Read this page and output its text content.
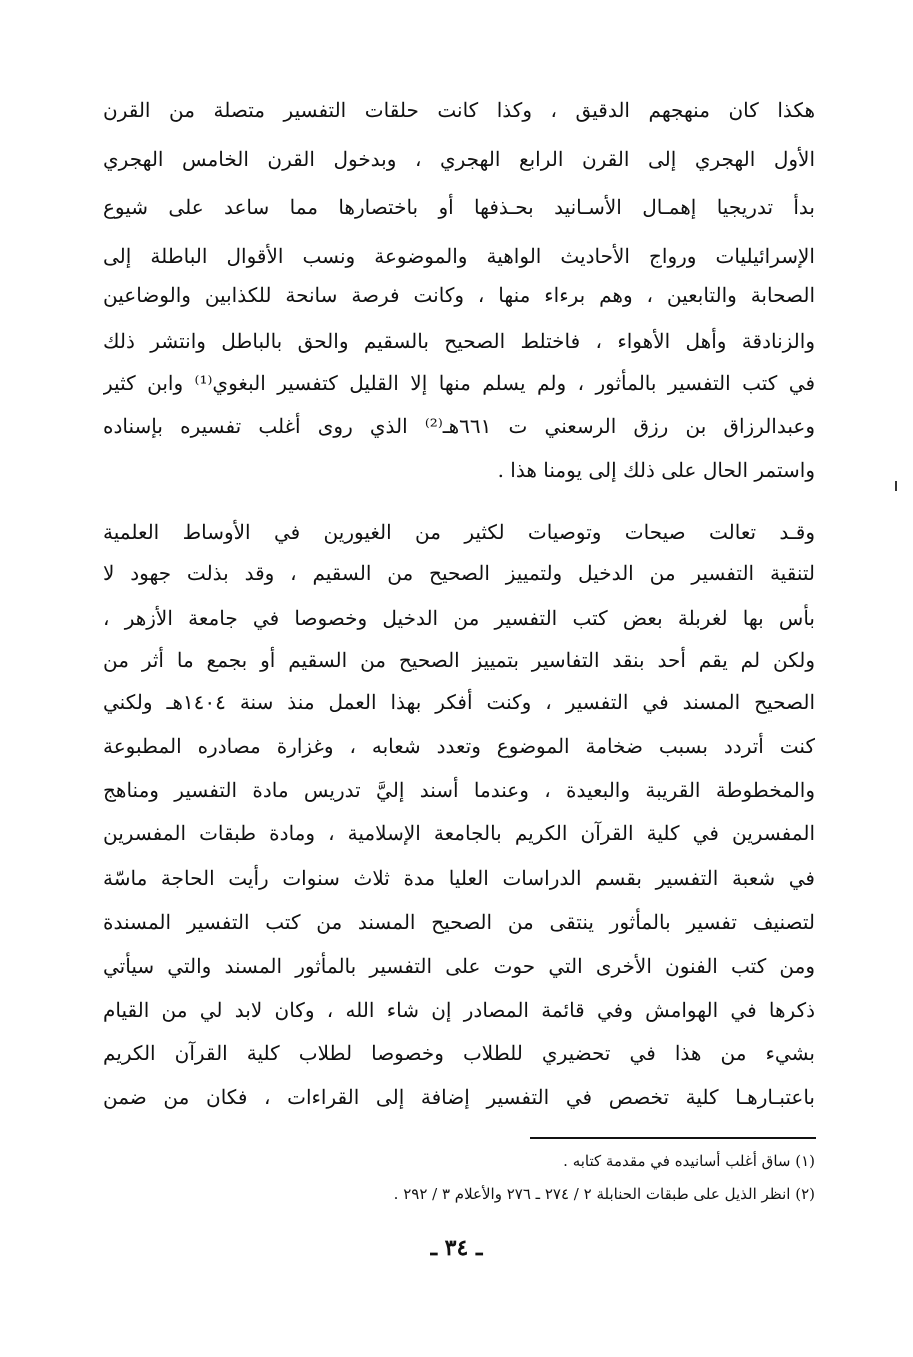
هكذا كان منهجهم الدقيق ، وكذا كانت حلقات التفسير متصلة من القرن
الأول الهجري إلى القرن الرابع الهجري ، وبدخول القرن الخامس الهجري
بدأ تدريجيا إهمـال الأسـانيد بحـذفها أو باختصارها مما ساعد على شيوع
الإسرائيليات ورواج الأحاديث الواهية والموضوعة ونسب الأقوال الباطلة إلى
الصحابة والتابعين ، وهم برءاء منها ، وكانت فرصة سانحة للكذابين والوضاعين
والزنادقة وأهل الأهواء ، فاختلط الصحيح بالسقيم والحق بالباطل وانتشر ذلك
في كتب التفسير بالمأثور ، ولم يسلم منها إلا القليل كتفسير البغوي⁽¹⁾ وابن كثير
وعبدالرزاق بن رزق الرسعني ت ٦٦١هـ⁽²⁾ الذي روى أغلب تفسيره بإسناده
واستمر الحال على ذلك إلى يومنا هذا .
وقـد تعالت صيحات وتوصيات لكثير من الغيورين في الأوساط العلمية
لتنقية التفسير من الدخيل ولتمييز الصحيح من السقيم ، وقد بذلت جهود لا
بأس بها لغربلة بعض كتب التفسير من الدخيل وخصوصا في جامعة الأزهر ،
ولكن لم يقم أحد بنقد التفاسير بتمييز الصحيح من السقيم أو بجمع ما أثر من
الصحيح المسند في التفسير ، وكنت أفكر بهذا العمل منذ سنة ١٤٠٤هـ ولكني
كنت أتردد بسبب ضخامة الموضوع وتعدد شعابه ، وغزارة مصادره المطبوعة
والمخطوطة القريبة والبعيدة ، وعندما أسند إليَّ تدريس مادة التفسير ومناهج
المفسرين في كلية القرآن الكريم بالجامعة الإسلامية ، ومادة طبقات المفسرين
في شعبة التفسير بقسم الدراسات العليا مدة ثلاث سنوات رأيت الحاجة ماسّة
لتصنيف تفسير بالمأثور ينتقى من الصحيح المسند من كتب التفسير المسندة
ومن كتب الفنون الأخرى التي حوت على التفسير بالمأثور المسند والتي سيأتي
ذكرها في الهوامش وفي قائمة المصادر إن شاء الله ، وكان لابد لي من القيام
بشيء من هذا في تحضيري للطلاب وخصوصا لطلاب كلية القرآن الكريم
باعتبـارهـا كلية تخصص في التفسير إضافة إلى القراءات ، فكان من ضمن
(١) ساق أغلب أسانيده في مقدمة كتابه .
(٢) انظر الذيل على طبقات الحنابلة ٢ / ٢٧٤ ـ ٢٧٦ والأعلام ٣ / ٢٩٢ .
ـ ٣٤ ـ
